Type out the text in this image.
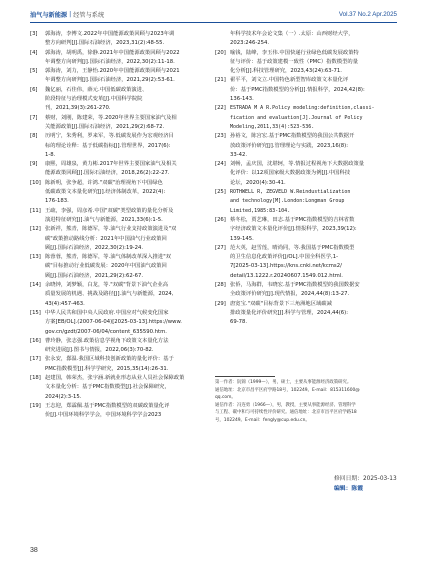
油气与新能源 | 经管与系统	Vol.37 No.2 Apr.2025
[3]	郭海涛，李博文.2022年中国能源政策回顾与2023年调
整方向研判[J].国际石油经济，2023,31(2):48-55.
[4]	郭海涛，胡明禹，徐静.2021年中国能源政策回顾与2022
年调整方向研判[J].国际石油经济，2022,30(2):11-18.
[5]	郭海涛，刘力，王静怡.2020年中国能源政策回顾与2021
年调整方向研判[J].国际石油经济，2021,29(2):53-61.
[6]	魏亿丽，石佳伟，薛元.中国低碳政策演进、
阶段特征与治理模式变革[J].中国科学院院
刊，2021,39(3):261-270.
[7]	蔡财，刘刚，陈建荣，等.2020年世界主要国家油气及相
关能源政策[J].国际石油经济，2021,29(2):68-72.
[8]	历明宁，朱秀利，罗来军，等.低碳发展作为宏观经济目
标的理论诠释：基于低碳指标[J].管理世界，2017(6):
1-8.
[9]	康熙，周雄泉，黄力彬.2017年世界主要国家油气及相关
能源政策回顾[J].国际石油经济，2018,26(2):22-27.
[10] 陈新明，张争超，许鸿."双碳"治理视角下中国绿色
低碳政策文本量化研究[J].经济体制改革，2022(4):
176-183.
[11] 王疏，李强，周彦希.中国"双碳"类型政策的量化分析及
演进特征研究[J].油气与新能源，2021,33(6):1-5.
[12] 张新祥，熊青，陈德军，等.油气行业支持政策演进及"双
碳"政策推动路线分析：2021年中国油气行业政策回
顾[J].国际石油经济，2022,30(2):19-24.
[13] 陈蓉蓉，熊青，陈德军，等.油气体制改革深入推进"双
碳"目标推动行业低碳发展：2020年中国油气政策回
顾[J].国际石油经济，2021,29(2):62-67.
[14] 余晓钟，刘梦颖，白龙，等."双碳"背景下油气企业高
质量发展的机遇、挑战及路径[J].油气与新能源，2024,
43(4):457-463.
[15] 中华人民共和国中央人民政府.中国应对气候变化国家
方案[EB/OL].(2007-06-04)[2025-03-13].https://www.
gov.cn/gzdt/2007-06/04/content_635590.htm.
[16] 曹玲静，张志强.政策信息学视角下政策文本量化方法
研究进展[J].图书与情报，2022,06(3):70-82.
[17] 张永安，郄温.我国区域科技创新政策的量化评价：基于
PMC指数模型[J].科学学研究，2015,35(14):26-31.
[18] 赵建国，韩荣杰，张宇涵.新就业形态从业人员社会保障政策
文本量化分析：基于PMC指数模型[J].社会保障研究，
2024(2):3-15.
[19] 王志迎，郑霖佩.基于PMC指数模型的双碳政策量化评
价[J].中国环境科学学会，中国环境科学学会2023
年科学技术年会论文集（一）.太原：山西财经大学，
2023:246-254.
[20] 喻钱，陆峰，李玉伟.中国快递行业绿色低碳发展政策特
征与评价：基于政策建模一致性（PMC）指数模型的量
化分析[J].科技管理研究，2023,43(24):63-71.
[21] 翟平平，刘文立.中国特色新型智库政策文本量化评
价：基于PMC指数模型的分析[J].情报科学，2024,42(8):
136-143.
[22] ESTRADA M A R.Policy modeling:definition,classi-
fication and evaluation[J].Journal of Policy
Modeling,2011,33(4):523-536.
[23] 孙裕文，陈宫宏.基于PMC指数模型的我国公共数据开
放政策评价研究[J].管理理论与实践，2023,16(8):
33-42.
[24] 刘畅，孟庆国，沈堪轲，等.情报过程视角下大数据政策量
化评价：以12项国家级大数据政策为例[J].中国科技
论坛，2020(4):30-41.
[25] ROTHWELL R, ZEGVELD W.Reindustialization
and technology[M].London:Longman Group
Limited,1985:83-104.
[26] 蔡冬松，贾艺琳，田志.基于PMC指数模型的吉林省数
字经济政策文本量化评价[J].情报科学，2023,39(12):
139-145.
[27] 范大英，赵雪莲，晴尚同，等.我国基于PMC指数模型
的卫生信息化政策评价[J/OL].中国全科医学,1-
7[2025-03-13].https://kns.cnki.net/kcms2/
detail/13.1222.r.20240607.1549.012.html.
[28] 张侨，马海群，韦晓宏.基于PMC指数模型的我国数据安
全政策评价研究[J].现代情报，2024,44(8):13-27.
[29] 唐宽宝."双碳"目标背景下三角洲地区域碳减
排政策量化评价研究[J].科学与管理，2024,44(6):
69-78.
第一作者：阮锦（1999—），男，硕士，主要从事能源经济政策研究。
通信地址：北京市昌平区府学路18号，102249。E-mail：815311600@
qq.com。
通信作者：冯连勇（1966—），男，教授，主要从事能源经济、管理科学
与工程、碳中和与可持续性评价研究。通信地址：北京市昌平区府学路18
号，102249。E-mail：fengly@cup.edu.cn。
修回日期：2025-03-13
编辑：陈霞
38
